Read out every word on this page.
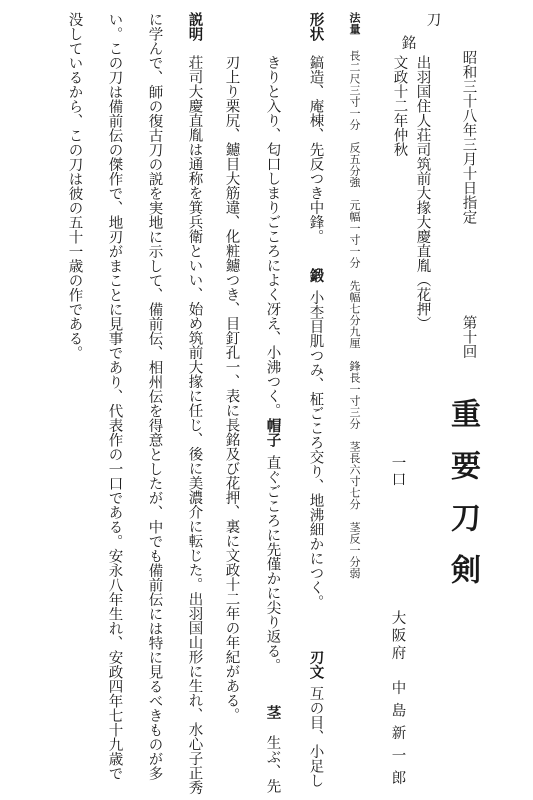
昭和三十八年三月十日指定
第十回
重要刀剣
一口
大阪府
中島新一郎
出羽国住人荘司筑前大掾大慶直胤（花押）
文政十二年仲秋
刀
銘
法量
長二尺三寸一分　反五分強　元幅一寸一分　先幅七分九厘　鋒長一寸三分　茎長六寸七分　茎反一分弱
形状
鎬造、庵棟、先反つき中鋒。
鍛
小杢目肌つみ、柾ごころ交り、地沸細かにつく。
刃文
互の目、小足し
きりと入り、匂口しまりごころによく冴え、小沸つく。
帽子
直ぐごころに先僅かに尖り返る。
茎
生ぶ、先
刃上り栗尻、鑢目大筋違、化粧鑢つき、目釘孔一、表に長銘及び花押、裏に文政十二年の年紀がある。
説明
荘司大慶直胤は通称を箕兵衛といい、始め筑前大掾に任じ、後に美濃介に転じた。出羽国山形に生れ、水心子正秀
に学んで、師の復古刀の説を実地に示して、備前伝、相州伝を得意としたが、中でも備前伝には特に見るべきものが多
い。この刀は備前伝の傑作で、地刃がまことに見事であり、代表作の一口である。安永八年生れ、安政四年七十九歳で
没しているから、この刀は彼の五十一歳の作である。
